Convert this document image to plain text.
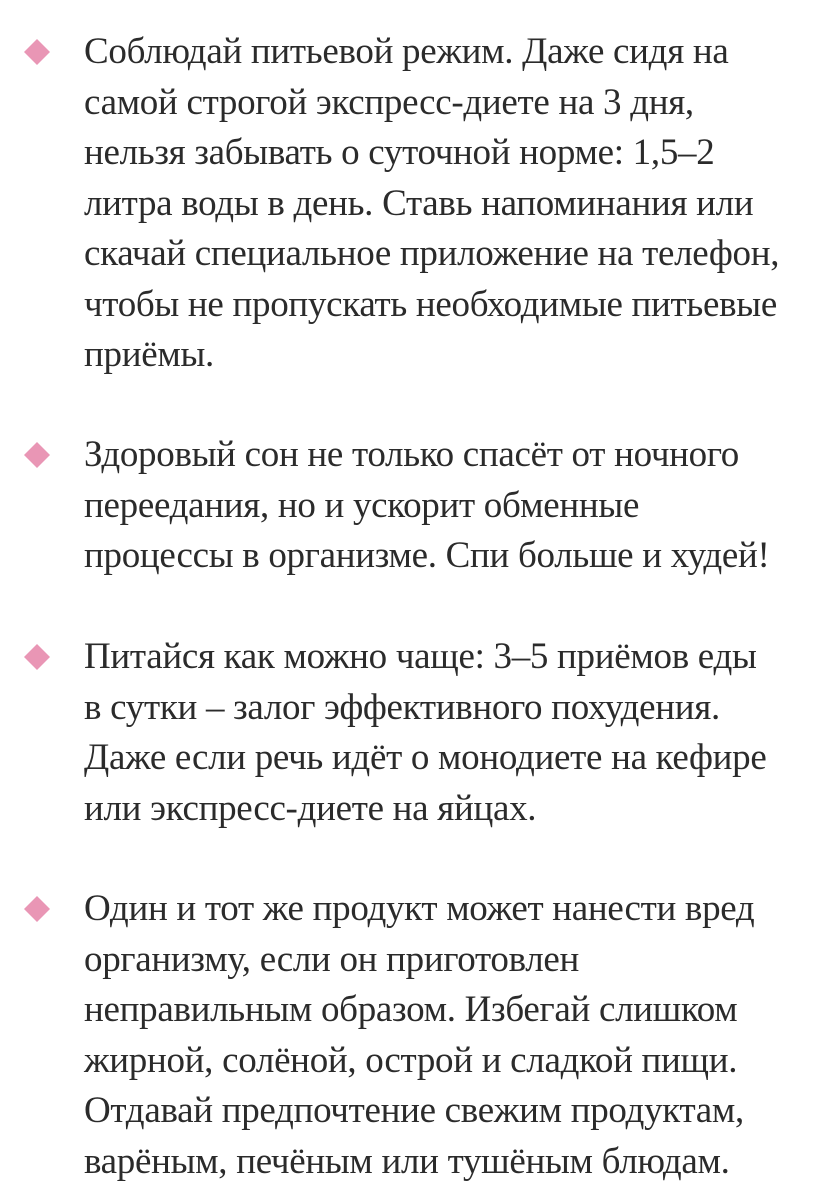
Соблюдай питьевой режим. Даже сидя на
самой строгой экспресс-диете на 3 дня,
нельзя забывать о суточной норме: 1,5–2
литра воды в день. Ставь напоминания или
скачай специальное приложение на телефон,
чтобы не пропускать необходимые питьевые
приёмы.

Здоровый сон не только спасёт от ночного
переедания, но и ускорит обменные
процессы в организме. Спи больше и худей!

Питайся как можно чаще: 3–5 приёмов еды
в сутки – залог эффективного похудения.
Даже если речь идёт о монодиете на кефире
или экспресс-диете на яйцах.

Один и тот же продукт может нанести вред
организму, если он приготовлен
неправильным образом. Избегай слишком
жирной, солёной, острой и сладкой пищи.
Отдавай предпочтение свежим продуктам,
варёным, печёным или тушёным блюдам.
